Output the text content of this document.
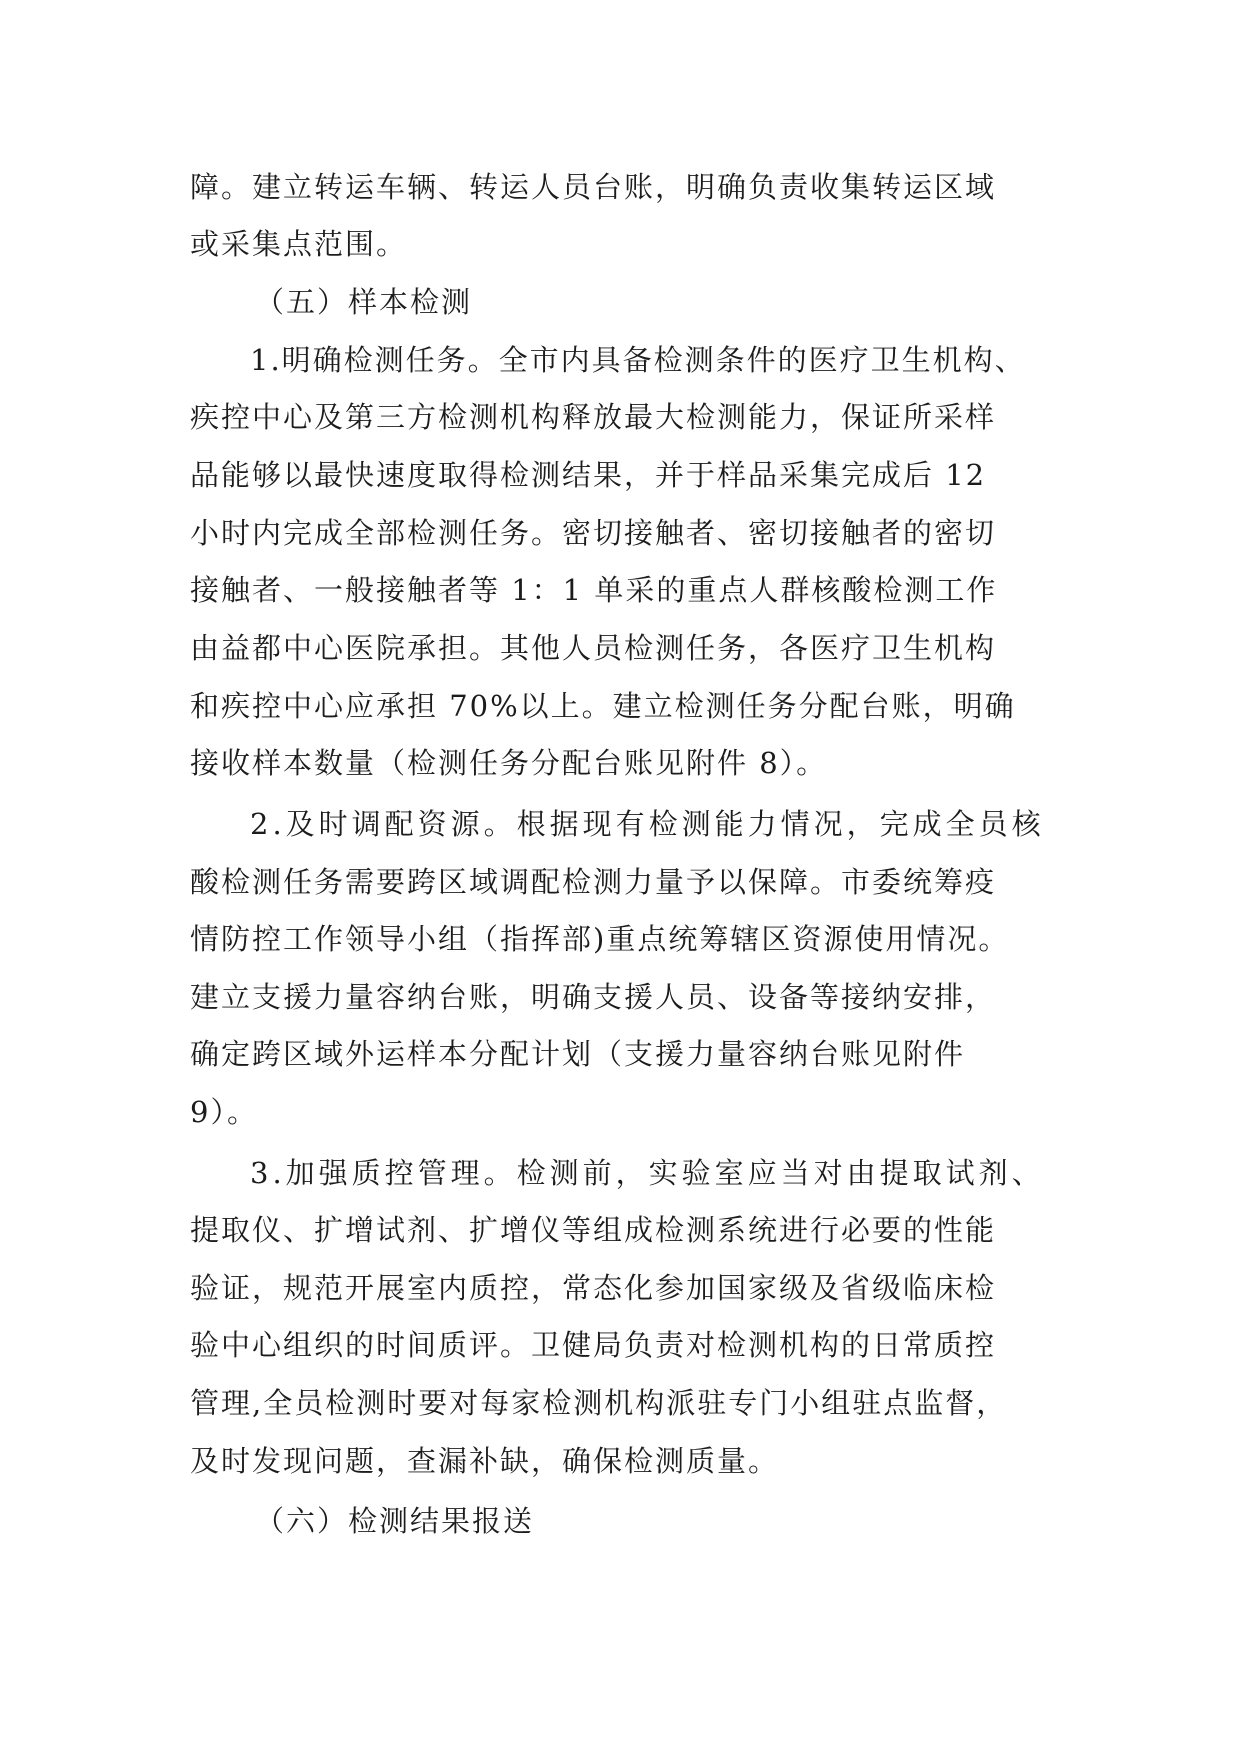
障。建立转运车辆、转运人员台账，明确负责收集转运区域

或采集点范围。

（五）样本检测

1.明确检测任务。全市内具备检测条件的医疗卫生机构、

疾控中心及第三方检测机构释放最大检测能力，保证所采样

品能够以最快速度取得检测结果，并于样品采集完成后 12

小时内完成全部检测任务。密切接触者、密切接触者的密切

接触者、一般接触者等 1：1 单采的重点人群核酸检测工作

由益都中心医院承担。其他人员检测任务，各医疗卫生机构

和疾控中心应承担 70%以上。建立检测任务分配台账，明确

接收样本数量（检测任务分配台账见附件 8）。

2.及时调配资源。根据现有检测能力情况，完成全员核

酸检测任务需要跨区域调配检测力量予以保障。市委统筹疫

情防控工作领导小组（指挥部)重点统筹辖区资源使用情况。

建立支援力量容纳台账，明确支援人员、设备等接纳安排，

确定跨区域外运样本分配计划（支援力量容纳台账见附件

9）。

3.加强质控管理。检测前，实验室应当对由提取试剂、

提取仪、扩增试剂、扩增仪等组成检测系统进行必要的性能

验证，规范开展室内质控，常态化参加国家级及省级临床检

验中心组织的时间质评。卫健局负责对检测机构的日常质控

管理,全员检测时要对每家检测机构派驻专门小组驻点监督，

及时发现问题，查漏补缺，确保检测质量。

（六）检测结果报送
